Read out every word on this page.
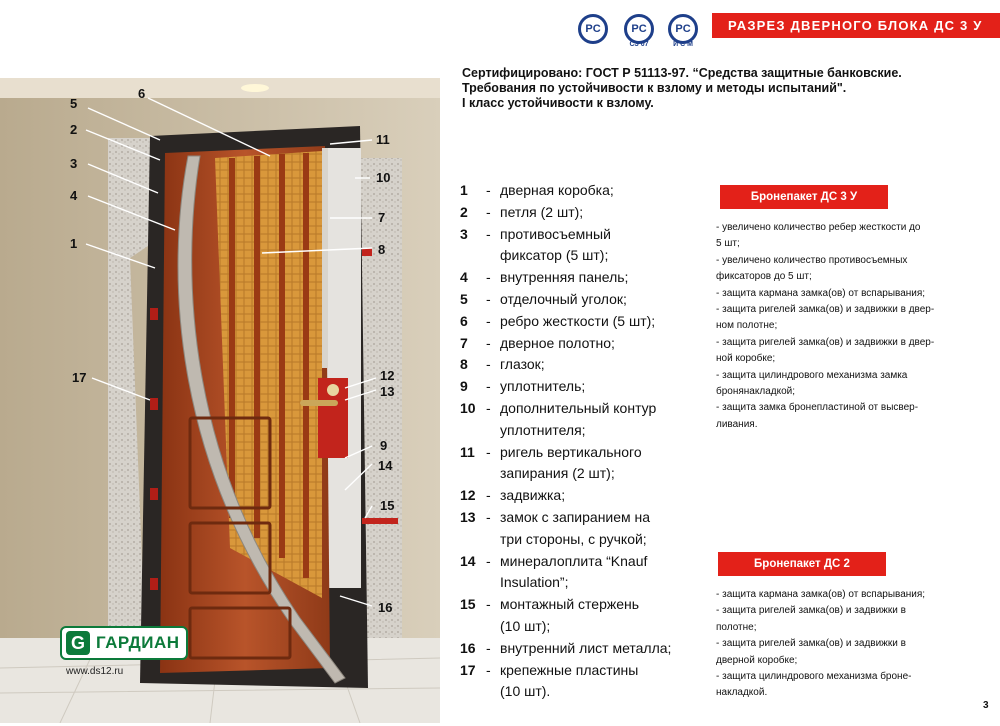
PC	PC
СЗ 07
PC
И С М
РАЗРЕЗ ДВЕРНОГО БЛОКА ДС 3 У
Сертифицировано: ГОСТ Р 51113-97. “Средства защитные банковские.
Требования по устойчивости к взлому и методы испытаний".
I класс устойчивости к взлому.
5
6
2
3
4
1
11
10
7
8
17	12
13
9
14
15
16
G ГАРДИАН
www.ds12.ru
1	- дверная коробка;
2	- петля (2 шт);
3	- противосъемный
фиксатор (5 шт);
4	- внутренняя панель;
5	- отделочный уголок;
6	- ребро жесткости (5 шт);
7	- дверное полотно;
8	- глазок;
9	- уплотнитель;
10 - дополнительный контур
уплотнителя;
11 - ригель вертикального
запирания (2 шт);
12 - задвижка;
13 - замок с запиранием на
три стороны, с ручкой;
14 - минералоплита “Knauf
Insulation”;
15 - монтажный стержень
(10 шт);
16 - внутренний лист металла;
17 - крепежные пластины
(10 шт).
Бронепакет ДС 3 У
- увеличено количество ребер жесткости до
5 шт;
- увеличено количество противосъемных
фиксаторов до 5 шт;
- защита кармана замка(ов) от вспарывания;
- защита ригелей замка(ов) и задвижки в двер-
ном полотне;
- защита ригелей замка(ов) и задвижки в двер-
ной коробке;
- защита цилиндрового механизма замка
бронянакладкой;
- защита замка бронепластиной от высвер-
ливания.
Бронепакет ДС 2
- защита кармана замка(ов) от вспарывания;
- защита ригелей замка(ов) и задвижки в
полотне;
- защита ригелей замка(ов) и задвижки в
дверной коробке;
- защита цилиндрового механизма броне-
накладкой.
3
